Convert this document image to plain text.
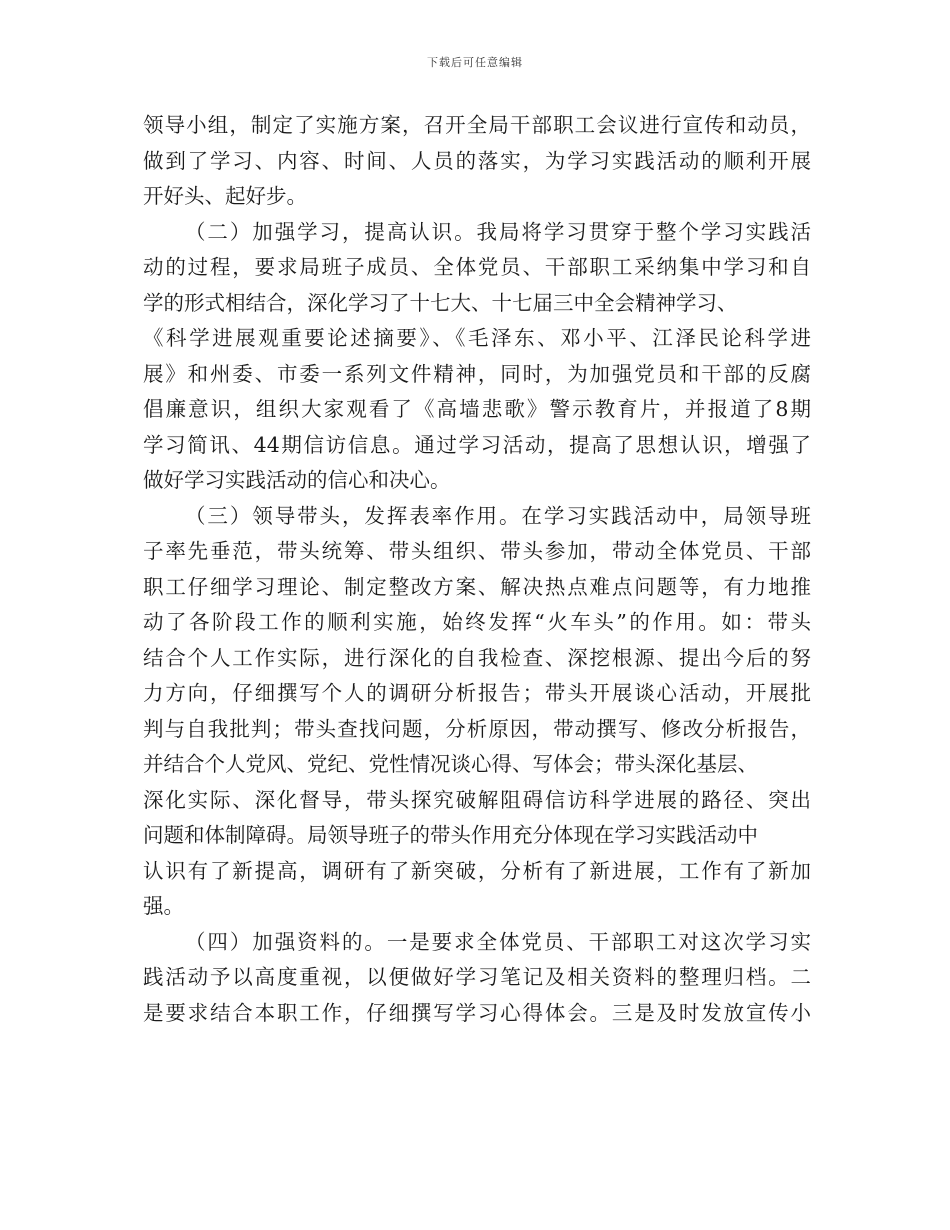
下载后可任意编辑
领导小组，制定了实施方案，召开全局干部职工会议进行宣传和动员，
做到了学习、内容、时间、人员的落实，为学习实践活动的顺利开展
开好头、起好步。
（二）加强学习，提高认识。我局将学习贯穿于整个学习实践活
动的过程，要求局班子成员、全体党员、干部职工采纳集中学习和自
学的形式相结合，深化学习了十七大、十七届三中全会精神学习、
《科学进展观重要论述摘要》、《毛泽东、邓小平、江泽民论科学进
展》和州委、市委一系列文件精神，同时，为加强党员和干部的反腐
倡廉意识，组织大家观看了《高墙悲歌》警示教育片，并报道了8期
学习简讯、44期信访信息。通过学习活动，提高了思想认识，增强了
做好学习实践活动的信心和决心。
（三）领导带头，发挥表率作用。在学习实践活动中，局领导班
子率先垂范，带头统筹、带头组织、带头参加，带动全体党员、干部
职工仔细学习理论、制定整改方案、解决热点难点问题等，有力地推
动了各阶段工作的顺利实施，始终发挥“火车头”的作用。如：带头
结合个人工作实际，进行深化的自我检查、深挖根源、提出今后的努
力方向，仔细撰写个人的调研分析报告；带头开展谈心活动，开展批
判与自我批判；带头查找问题，分析原因，带动撰写、修改分析报告，
并结合个人党风、党纪、党性情况谈心得、写体会；带头深化基层、
深化实际、深化督导，带头探究破解阻碍信访科学进展的路径、突出
问题和体制障碍。局领导班子的带头作用充分体现在学习实践活动中
认识有了新提高，调研有了新突破，分析有了新进展，工作有了新加
强。
（四）加强资料的。一是要求全体党员、干部职工对这次学习实
践活动予以高度重视，以便做好学习笔记及相关资料的整理归档。二
是要求结合本职工作，仔细撰写学习心得体会。三是及时发放宣传小
